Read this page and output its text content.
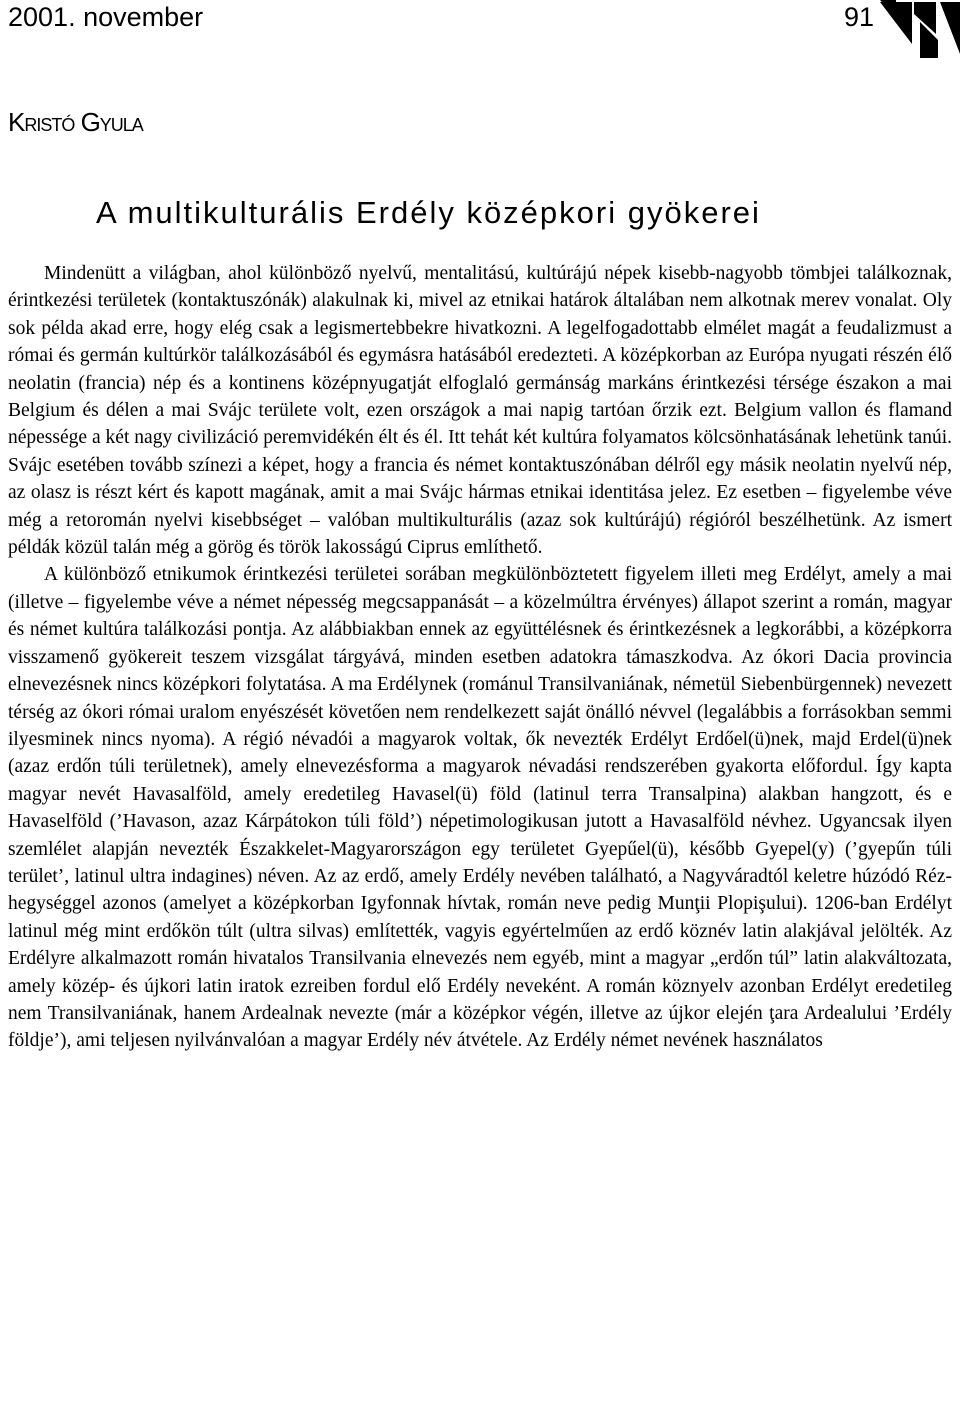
2001. november	91
Kristó Gyula
A multikulturális Erdély középkori gyökerei

Mindenütt a világban, ahol különböző nyelvű, mentalitású, kultúrájú népek kisebb-nagyobb tömbjei találkoznak, érintkezési területek (kontaktuszónák) alakulnak ki, mivel az etnikai határok általában nem alkotnak merev vonalat. Oly sok példa akad erre, hogy elég csak a legismertebbekre hivatkozni. A legelfogadottabb elmélet magát a feudalizmust a római és germán kultúrkör találkozásából és egymásra hatásából eredezteti. A középkorban az Európa nyugati részén élő neolatin (francia) nép és a kontinens középnyugatját elfoglaló germánság markáns érintkezési térsége északon a mai Belgium és délen a mai Svájc területe volt, ezen országok a mai napig tartóan őrzik ezt. Belgium vallon és flamand népessége a két nagy civilizáció peremvidékén élt és él. Itt tehát két kultúra folyamatos kölcsönhatásának lehetünk tanúi. Svájc esetében tovább színezi a képet, hogy a francia és német kontaktuszónában délről egy másik neolatin nyelvű nép, az olasz is részt kért és kapott magának, amit a mai Svájc hármas etnikai identitása jelez. Ez esetben – figyelembe véve még a retoromán nyelvi kisebbséget – valóban multikulturális (azaz sok kultúrájú) régióról beszélhetünk. Az ismert példák közül talán még a görög és török lakosságú Ciprus említhető.

A különböző etnikumok érintkezési területei sorában megkülönböztetett figyelem illeti meg Erdélyt, amely a mai (illetve – figyelembe véve a német népesség megcsappanását – a közelmúltra érvényes) állapot szerint a román, magyar és német kultúra találkozási pontja. Az alábbiakban ennek az együttélésnek és érintkezésnek a legkorábbi, a középkorra visszamenő gyökereit teszem vizsgálat tárgyává, minden esetben adatokra támaszkodva. Az ókori Dacia provincia elnevezésnek nincs középkori folytatása. A ma Erdélynek (románul Transilvaniának, németül Siebenbürgennek) nevezett térség az ókori római uralom enyészését követően nem rendelkezett saját önálló névvel (legalábbis a forrásokban semmi ilyesminek nincs nyoma). A régió névadói a magyarok voltak, ők nevezték Erdélyt Erdőel(ü)nek, majd Erdel(ü)nek (azaz erdőn túli területnek), amely elnevezésforma a magyarok névadási rendszerében gyakorta előfordul. Így kapta magyar nevét Havasalföld, amely eredetileg Havasel(ü) föld (latinul terra Transalpina) alakban hangzott, és e Havaselföld (’Havason, azaz Kárpátokon túli föld’) népetimologikusan jutott a Havasalföld névhez. Ugyancsak ilyen szemlélet alapján nevezték Északkelet-Magyarországon egy területet Gyepűel(ü), később Gyepel(y) (’gyepűn túli terület’, latinul ultra indagines) néven. Az az erdő, amely Erdély nevében található, a Nagyváradtól keletre húzódó Réz-hegységgel azonos (amelyet a középkorban Igyfonnak hívtak, román neve pedig Munţii Plopişului). 1206-ban Erdélyt latinul még mint erdőkön túlt (ultra silvas) említették, vagyis egyértelműen az erdő köznév latin alakjával jelölték. Az Erdélyre alkalmazott román hivatalos Transilvania elnevezés nem egyéb, mint a magyar „erdőn túl” latin alakváltozata, amely közép- és újkori latin iratok ezreiben fordul elő Erdély neveként. A román köznyelv azonban Erdélyt eredetileg nem Transilvaniának, hanem Ardealnak nevezte (már a középkor végén, illetve az újkor elején ţara Ardealului ’Erdély földje’), ami teljesen nyilvánvalóan a magyar Erdély név átvétele. Az Erdély német nevének használatos
